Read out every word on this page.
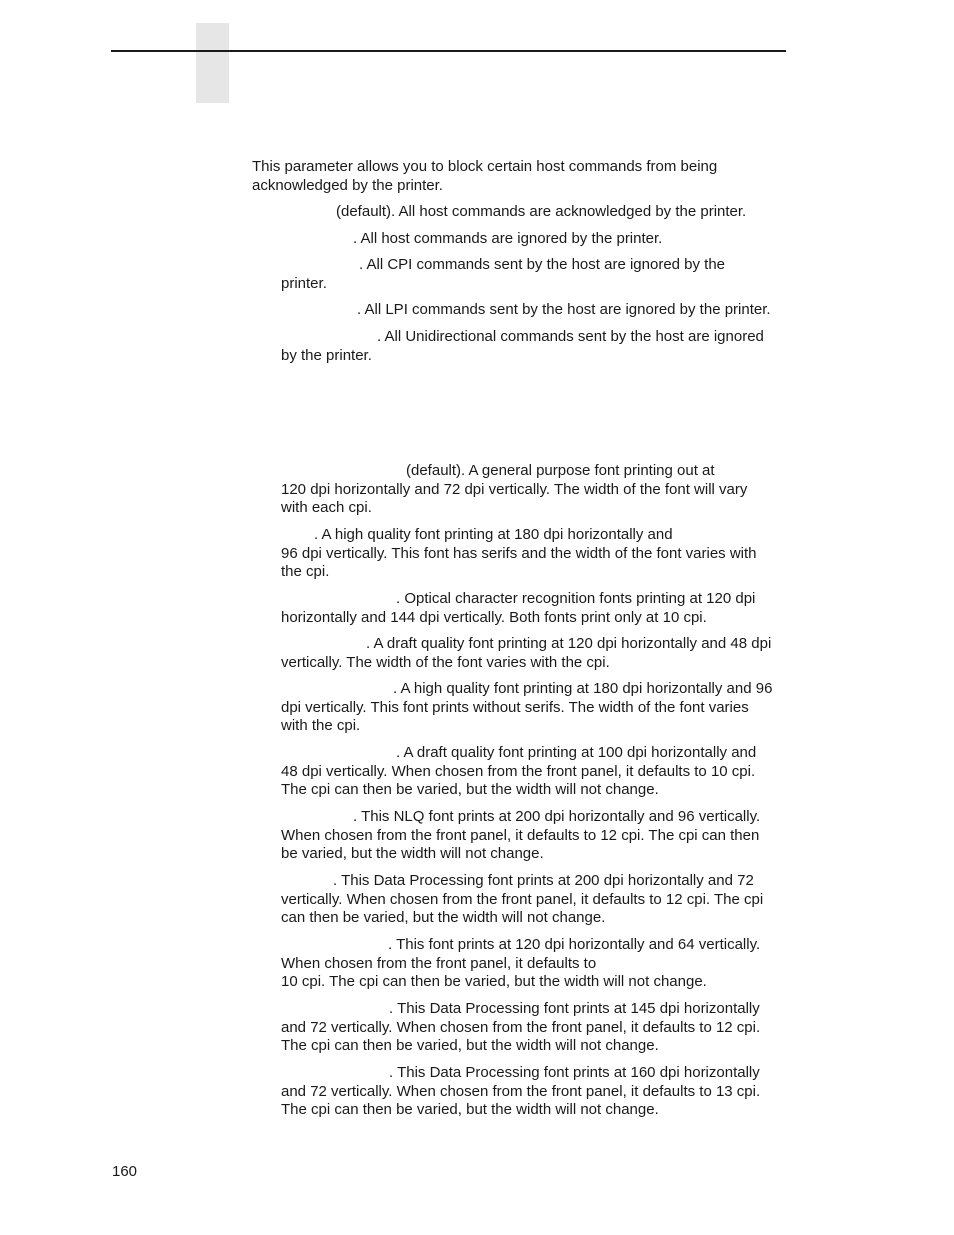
This parameter allows you to block certain host commands from being
acknowledged by the printer.
(default). All host commands are acknowledged by the printer.
. All host commands are ignored by the printer.
. All CPI commands sent by the host are ignored by the
printer.
. All LPI commands sent by the host are ignored by the printer.
. All Unidirectional commands sent by the host are ignored
by the printer.
(default). A general purpose font printing out at
120 dpi horizontally and 72 dpi vertically. The width of the font will vary
with each cpi.
. A high quality font printing at 180 dpi horizontally and
96 dpi vertically. This font has serifs and the width of the font varies with
the cpi.
. Optical character recognition fonts printing at 120 dpi
horizontally and 144 dpi vertically. Both fonts print only at 10 cpi.
. A draft quality font printing at 120 dpi horizontally and 48 dpi
vertically. The width of the font varies with the cpi.
. A high quality font printing at 180 dpi horizontally and 96
dpi vertically. This font prints without serifs. The width of the font varies
with the cpi.
. A draft quality font printing at 100 dpi horizontally and
48 dpi vertically. When chosen from the front panel, it defaults to 10 cpi.
The cpi can then be varied, but the width will not change.
. This NLQ font prints at 200 dpi horizontally and 96 vertically.
When chosen from the front panel, it defaults to 12 cpi. The cpi can then
be varied, but the width will not change.
. This Data Processing font prints at 200 dpi horizontally and 72
vertically. When chosen from the front panel, it defaults to 12 cpi. The cpi
can then be varied, but the width will not change.
. This font prints at 120 dpi horizontally and 64 vertically.
When chosen from the front panel, it defaults to
10 cpi. The cpi can then be varied, but the width will not change.
. This Data Processing font prints at 145 dpi horizontally
and 72 vertically. When chosen from the front panel, it defaults to 12 cpi.
The cpi can then be varied, but the width will not change.
. This Data Processing font prints at 160 dpi horizontally
and 72 vertically. When chosen from the front panel, it defaults to 13 cpi.
The cpi can then be varied, but the width will not change.
160
